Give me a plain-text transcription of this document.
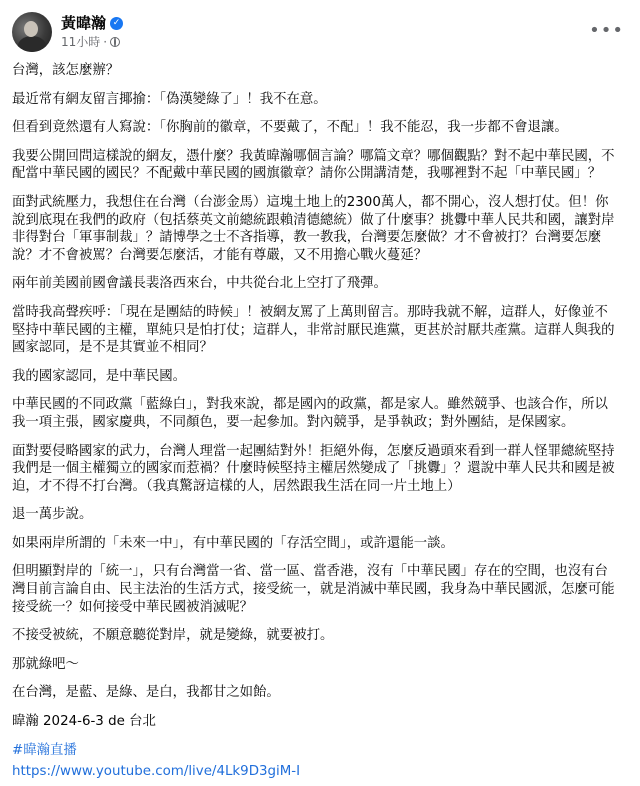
黃暐瀚 ✓
11小時 ·
•••

台灣，該怎麼辦？

最近常有網友留言揶揄：「偽漢變綠了」！我不在意。

但看到竟然還有人寫說：「你胸前的徽章，不要戴了，不配」！我不能忍，我一步都不會退讓。

我要公開回問這樣說的網友，憑什麼？我黃暐瀚哪個言論？哪篇文章？哪個觀點？對不起中華民國，不配當中華民國的國民？不配戴中華民國的國旗徽章？請你公開講清楚，我哪裡對不起「中華民國」？

面對武統壓力，我想住在台灣（台澎金馬）這塊土地上的2300萬人，都不開心，沒人想打仗。但！你說到底現在我們的政府（包括蔡英文前總統跟賴清德總統）做了什麼事？挑釁中華人民共和國，讓對岸非得對台「軍事制裁」？請博學之士不吝指導，教一教我，台灣要怎麼做？才不會被打？台灣要怎麼說？才不會被罵？台灣要怎麼活，才能有尊嚴，又不用擔心戰火蔓延？

兩年前美國前國會議長裴洛西來台，中共從台北上空打了飛彈。

當時我高聲疾呼：「現在是團結的時候」！被網友罵了上萬則留言。那時我就不解，這群人，好像並不堅持中華民國的主權，單純只是怕打仗；這群人，非常討厭民進黨，更甚於討厭共產黨。這群人與我的國家認同，是不是其實並不相同？

我的國家認同，是中華民國。

中華民國的不同政黨「藍綠白」，對我來說，都是國內的政黨，都是家人。雖然競爭、也該合作，所以我一項主張，國家慶典，不同顏色，要一起參加。對內競爭，是爭執政；對外團結，是保國家。

面對要侵略國家的武力，台灣人理當一起團結對外！拒絕外侮，怎麼反過頭來看到一群人怪罪總統堅持我們是一個主權獨立的國家而惹禍？什麼時候堅持主權居然變成了「挑釁」？還說中華人民共和國是被迫，才不得不打台灣。（我真驚訝這樣的人，居然跟我生活在同一片土地上）

退一萬步說。

如果兩岸所謂的「未來一中」，有中華民國的「存活空間」，或許還能一談。

但明顯對岸的「統一」，只有台灣當一省、當一區、當香港，沒有「中華民國」存在的空間，也沒有台灣目前言論自由、民主法治的生活方式，接受統一，就是消滅中華民國，我身為中華民國派，怎麼可能接受統一？如何接受中華民國被消滅呢？

不接受被統，不願意聽從對岸，就是變綠，就要被打。

那就綠吧～

在台灣，是藍、是綠、是白，我都甘之如飴。

暐瀚 2024-6-3 de 台北

#暐瀚直播

https://www.youtube.com/live/4Lk9D3giM-I
